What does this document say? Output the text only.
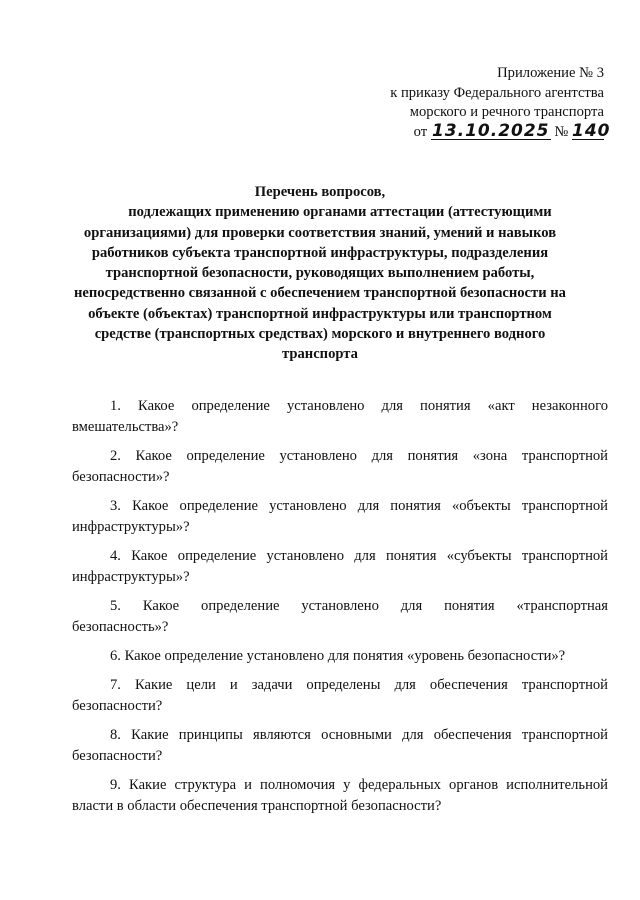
Приложение № 3
к приказу Федерального агентства
морского и речного транспорта
от 13.10.2025 № 140
Перечень вопросов,
подлежащих применению органами аттестации (аттестующими
организациями) для проверки соответствия знаний, умений и навыков
работников субъекта транспортной инфраструктуры, подразделения
транспортной безопасности, руководящих выполнением работы,
непосредственно связанной с обеспечением транспортной безопасности на
объекте (объектах) транспортной инфраструктуры или транспортном
средстве (транспортных средствах) морского и внутреннего водного
транспорта
1. Какое определение установлено для понятия «акт незаконного
вмешательства»?
2. Какое определение установлено для понятия «зона транспортной
безопасности»?
3. Какое определение установлено для понятия «объекты транспортной
инфраструктуры»?
4. Какое определение установлено для понятия «субъекты транспортной
инфраструктуры»?
5. Какое определение установлено для понятия «транспортная
безопасность»?
6. Какое определение установлено для понятия «уровень безопасности»?
7. Какие цели и задачи определены для обеспечения транспортной
безопасности?
8. Какие принципы являются основными для обеспечения транспортной
безопасности?
9. Какие структура и полномочия у федеральных органов исполнительной
власти в области обеспечения транспортной безопасности?
